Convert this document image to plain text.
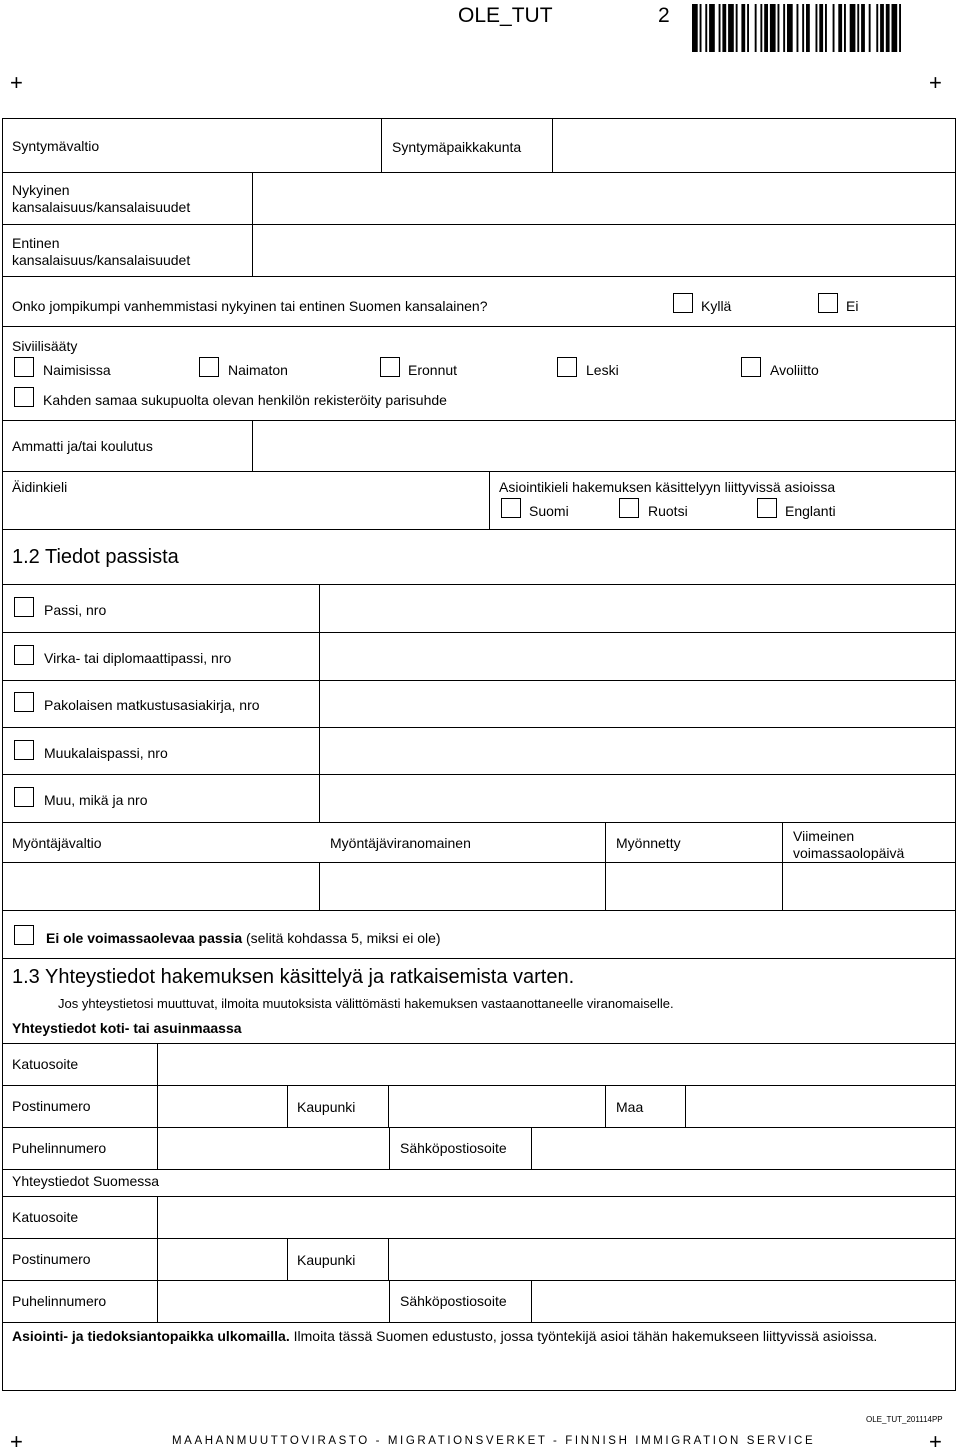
OLE_TUT	2
+	+
Syntymävaltio	Syntymäpaikkakunta
Nykyinen
kansalaisuus/kansalaisuudet
Entinen
kansalaisuus/kansalaisuudet
Onko jompikumpi vanhemmistasi nykyinen tai entinen Suomen kansalainen?	Kyllä	Ei
Siviilisääty
Naimisissa	Naimaton	Eronnut	Leski	Avoliitto
Kahden samaa sukupuolta olevan henkilön rekisteröity parisuhde
Ammatti ja/tai koulutus
Äidinkieli	Asiointikieli hakemuksen käsittelyyn liittyvissä asioissa
Suomi	Ruotsi	Englanti
1.2 Tiedot passista
Passi, nro
Virka- tai diplomaattipassi, nro
Pakolaisen matkustusasiakirja, nro
Muukalaispassi, nro
Muu, mikä ja nro
Myöntäjävaltio	Myöntäjäviranomainen	Myönnetty	Viimeinen
voimassaolopäivä
Ei ole voimassaolevaa passia (selitä kohdassa 5, miksi ei ole)
1.3 Yhteystiedot hakemuksen käsittelyä ja ratkaisemista varten.
Jos yhteystietosi muuttuvat, ilmoita muutoksista välittömästi hakemuksen vastaanottaneelle viranomaiselle.
Yhteystiedot koti- tai asuinmaassa
Katuosoite
Postinumero	Kaupunki	Maa
Puhelinnumero	Sähköpostiosoite
Yhteystiedot Suomessa
Katuosoite
Postinumero	Kaupunki
Puhelinnumero	Sähköpostiosoite
Asiointi- ja tiedoksiantopaikka ulkomailla. Ilmoita tässä Suomen edustusto, jossa työntekijä asioi tähän hakemukseen liittyvissä asioissa.
+	+
MAAHANMUUTTOVIRASTO - MIGRATIONSVERKET - FINNISH IMMIGRATION SERVICE
OLE_TUT_201114PP
